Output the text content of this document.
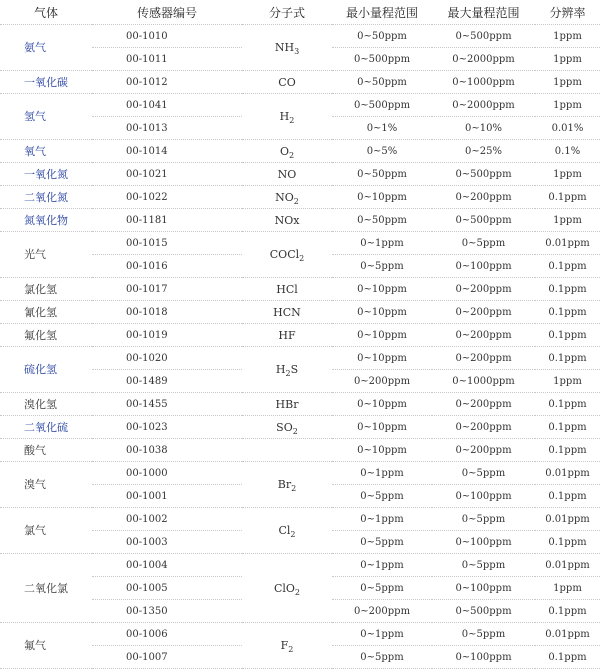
气体	传感器编号	分子式	最小量程范围	最大量程范围	分辨率
氨气	00-1010	$NH_3$	0~50ppm	0~500ppm	1ppm
	00-1011		0~500ppm	0~2000ppm	1ppm
一氧化碳	00-1012	CO	0~50ppm	0~1000ppm	1ppm
氢气	00-1041	$H_2$	0~500ppm	0~2000ppm	1ppm
	00-1013		0~1%	0~10%	0.01%
氧气	00-1014	$O_2$	0~5%	0~25%	0.1%
一氧化氮	00-1021	NO	0~50ppm	0~500ppm	1ppm
二氧化氮	00-1022	$NO_2$	0~10ppm	0~200ppm	0.1ppm
氮氧化物	00-1181	NOx	0~50ppm	0~500ppm	1ppm
光气	00-1015	COCl$_2$	0~1ppm	0~5ppm	0.01ppm
	00-1016		0~5ppm	0~100ppm	0.1ppm
氯化氢	00-1017	HCl	0~10ppm	0~200ppm	0.1ppm
氰化氢	00-1018	HCN	0~10ppm	0~200ppm	0.1ppm
氟化氢	00-1019	HF	0~10ppm	0~200ppm	0.1ppm
硫化氢	00-1020	$H_2S$	0~10ppm	0~200ppm	0.1ppm
	00-1489		0~200ppm	0~1000ppm	1ppm
溴化氢	00-1455	HBr	0~10ppm	0~200ppm	0.1ppm
二氧化硫	00-1023	$SO_2$	0~10ppm	0~200ppm	0.1ppm
酸气	00-1038		0~10ppm	0~200ppm	0.1ppm
溴气	00-1000	$Br_2$	0~1ppm	0~5ppm	0.01ppm
	00-1001		0~5ppm	0~100ppm	0.1ppm
氯气	00-1002	$Cl_2$	0~1ppm	0~5ppm	0.01ppm
	00-1003		0~5ppm	0~100ppm	0.1ppm
二氧化氯	00-1004	ClO$_2$	0~1ppm	0~5ppm	0.01ppm
	00-1005		0~5ppm	0~100ppm	1ppm
	00-1350		0~200ppm	0~500ppm	0.1ppm
氟气	00-1006	$F_2$	0~1ppm	0~5ppm	0.01ppm
	00-1007		0~5ppm	0~100ppm	0.1ppm
